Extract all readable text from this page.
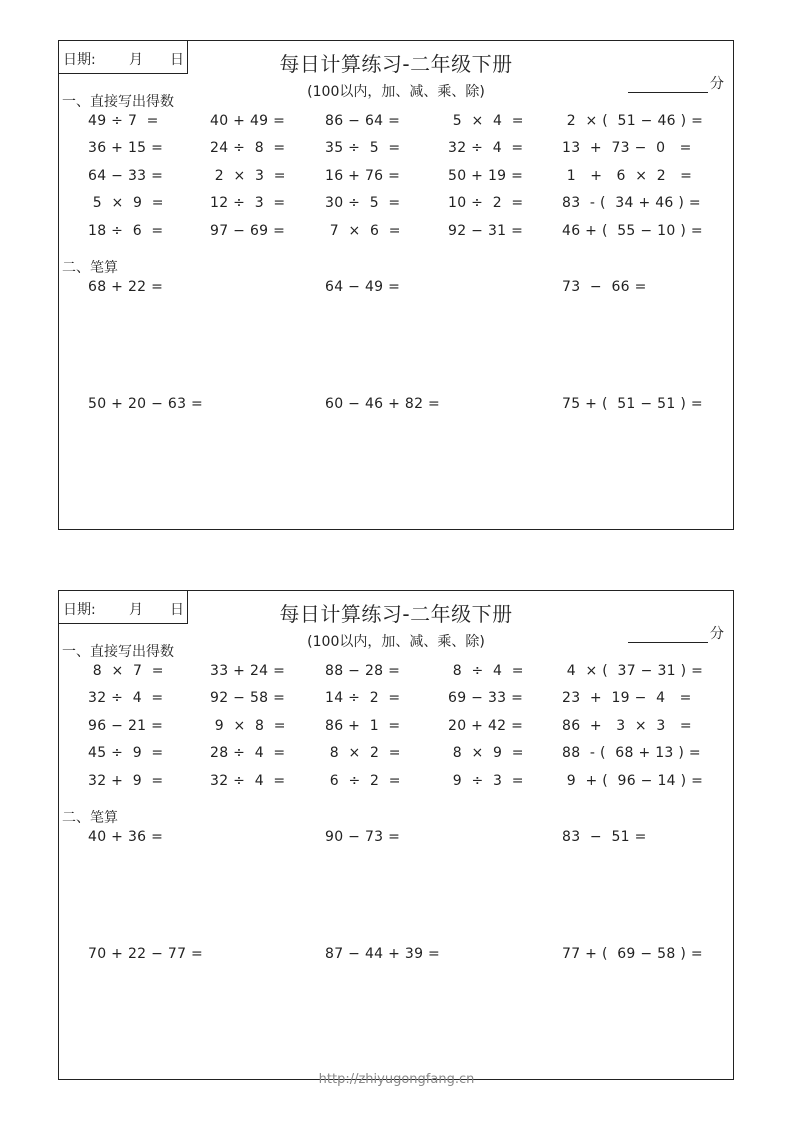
日期: 月 日	每日计算练习-二年级下册
(100以内，加、减、乘、除)	分
一、直接写出得数
49 ÷ 7  =	40 + 49 =	86 − 64 =	5  ×  4  =	2  × (  51 − 46 ) =
36 + 15 =	24 ÷  8  =	35 ÷  5  =	32 ÷  4  =	13  +  73 −  0   =
64 − 33 =	2  ×  3  =	16 + 76 =	50 + 19 =	1   +   6  ×  2   =
5  ×  9  =	12 ÷  3  =	30 ÷  5  =	10 ÷  2  =	83  - (  34 + 46 ) =
18 ÷  6  =	97 − 69 =	7  ×  6  =	92 − 31 =	46 + (  55 − 10 ) =
二、笔算
68 + 22 =	64 − 49 =	73  −  66 =
50 + 20 − 63 =	60 − 46 + 82 =	75 + (  51 − 51 ) =
日期: 月 日	每日计算练习-二年级下册
(100以内，加、减、乘、除)	分
一、直接写出得数
8  ×  7  =	33 + 24 =	88 − 28 =	8  ÷  4  =	4  × (  37 − 31 ) =
32 ÷  4  =	92 − 58 =	14 ÷  2  =	69 − 33 =	23  +  19 −  4   =
96 − 21 =	9  ×  8  =	86 +  1  =	20 + 42 =	86  +   3  ×  3   =
45 ÷  9  =	28 ÷  4  =	8  ×  2  =	8  ×  9  =	88  - (  68 + 13 ) =
32 +  9  =	32 ÷  4  =	6  ÷  2  =	9  ÷  3  =	9  + (  96 − 14 ) =
二、笔算
40 + 36 =	90 − 73 =	83  −  51 =
70 + 22 − 77 =	87 − 44 + 39 =	77 + (  69 − 58 ) =
http://zhiyugongfang.cn
